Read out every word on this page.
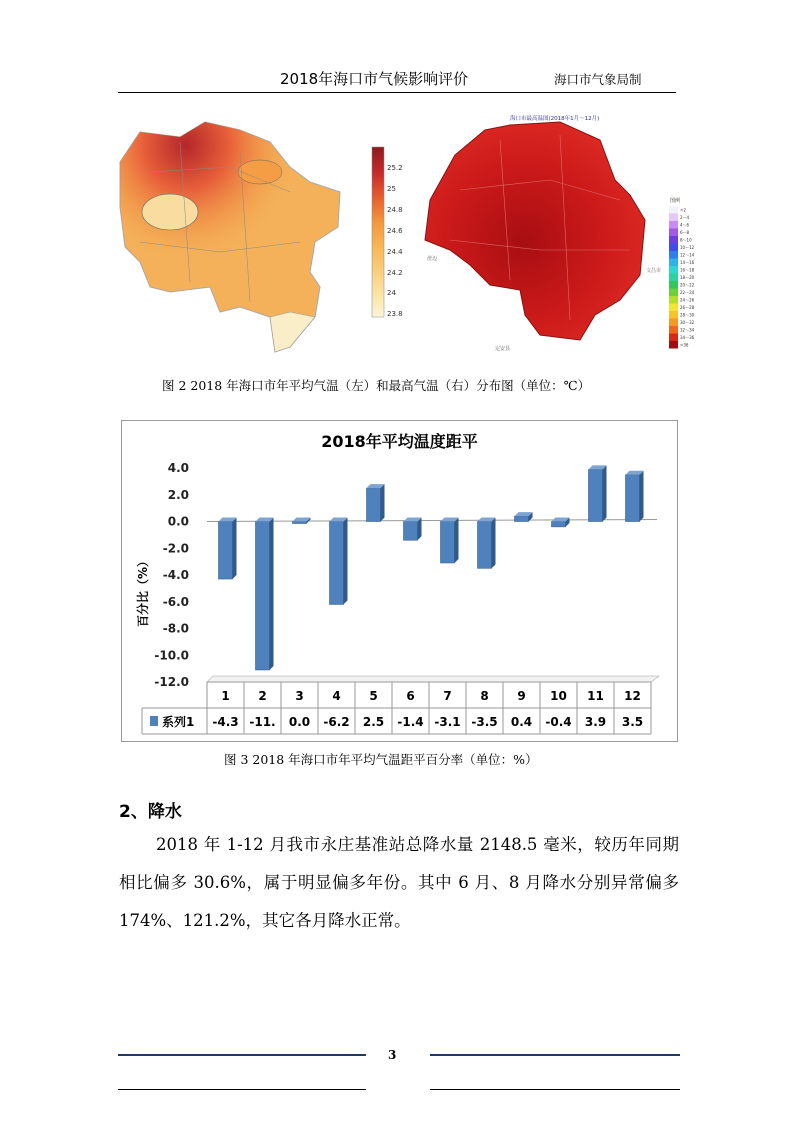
2018年海口市气候影响评价	海口市气象局制
25.2
25
24.8
24.6
24.4
24.2
24
23.8
海口市最高温图(2018年1月～12月)
澄迈
文昌市
定安县
图例
<2
2～4
4～6
6～8
8～10
10～12
12～14
14～16
16～18
18～20
20～22
22～24
24～26
26～28
28～30
30～32
32～34
34～36
>36
图 2 2018 年海口市年平均气温（左）和最高气温（右）分布图（单位：℃）
2018年平均温度距平
4.0
2.0
0.0
-2.0
-4.0
-6.0
-8.0
-10.0
-12.0
百分比（%）
1
-4.3
2
-11.
3
0.0
4
-6.2
5
2.5
6
-1.4
7
-3.1
8
-3.5
9
0.4
10
-0.4
11
3.9
12
3.5
系列1
图 3 2018 年海口市年平均气温距平百分率（单位：%）
2、降水
2018 年 1-12 月我市永庄基准站总降水量 2148.5 毫米，较历年同期相比偏多 30.6%，属于明显偏多年份。其中 6 月、8 月降水分别异常偏多 174%、121.2%，其它各月降水正常。
3
